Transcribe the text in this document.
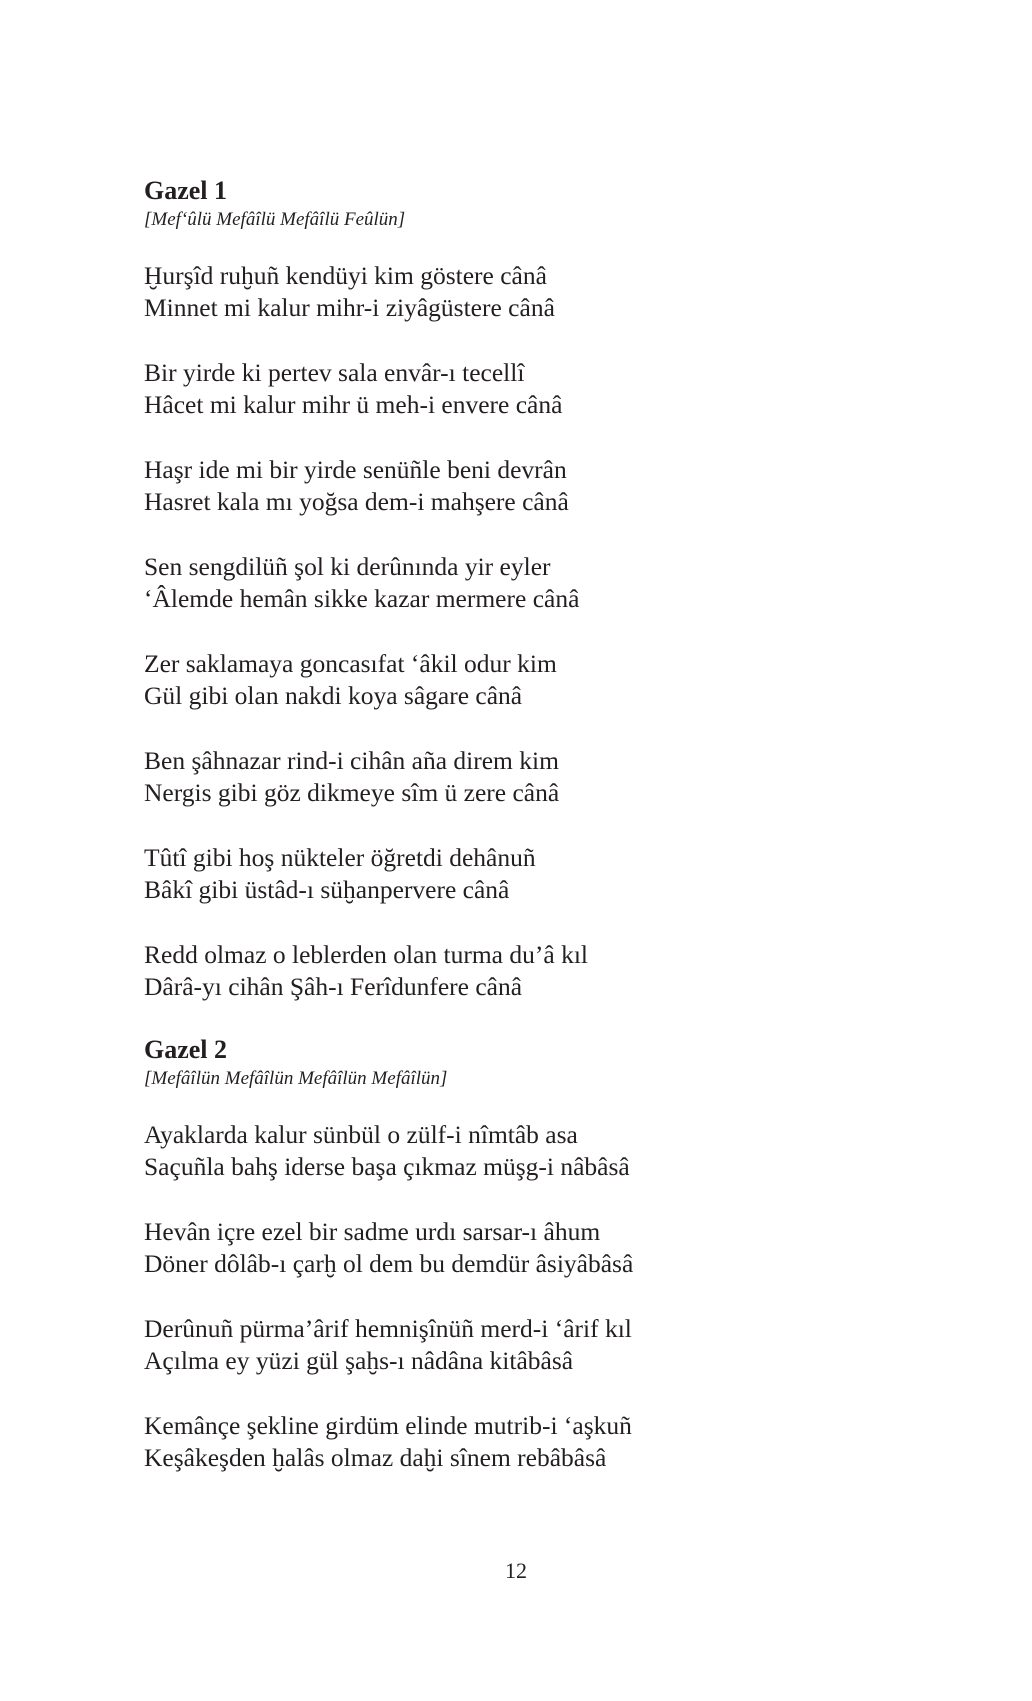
Gazel 1

[Mef‘ûlü Mefâîlü Mefâîlü Feûlün]

Ḫurşîd ruḫuñ kendüyi kim göstere cânâ
Minnet mi kalur mihr-i ziyâgüstere cânâ
Bir yirde ki pertev sala envâr-ı tecellî
Hâcet mi kalur mihr ü meh-i envere cânâ
Haşr ide mi bir yirde senüñle beni devrân
Hasret kala mı yoğsa dem-i mahşere cânâ
Sen sengdilüñ şol ki derûnında yir eyler
‘Âlemde hemân sikke kazar mermere cânâ
Zer saklamaya goncasıfat ‘âkil odur kim
Gül gibi olan nakdi koya sâgare cânâ
Ben şâhnazar rind-i cihân aña direm kim
Nergis gibi göz dikmeye sîm ü zere cânâ
Tûtî gibi hoş nükteler öğretdi dehânuñ
Bâkî gibi üstâd-ı süḫanpervere cânâ
Redd olmaz o leblerden olan turma du’â kıl
Dârâ-yı cihân Şâh-ı Ferîdunfere cânâ
Gazel 2

[Mefâîlün Mefâîlün Mefâîlün Mefâîlün]

Ayaklarda kalur sünbül o zülf-i nîmtâb asa
Saçuñla bahş iderse başa çıkmaz müşg-i nâbâsâ
Hevân içre ezel bir sadme urdı sarsar-ı âhum
Döner dôlâb-ı çarḫ ol dem bu demdür âsiyâbâsâ
Derûnuñ pürma’ârif hemnişînüñ merd-i ‘ârif kıl
Açılma ey yüzi gül şaḫs-ı nâdâna kitâbâsâ
Kemânçe şekline girdüm elinde mutrib-i ‘aşkuñ
Keşâkeşden ḫalâs olmaz daḫi sînem rebâbâsâ
12
